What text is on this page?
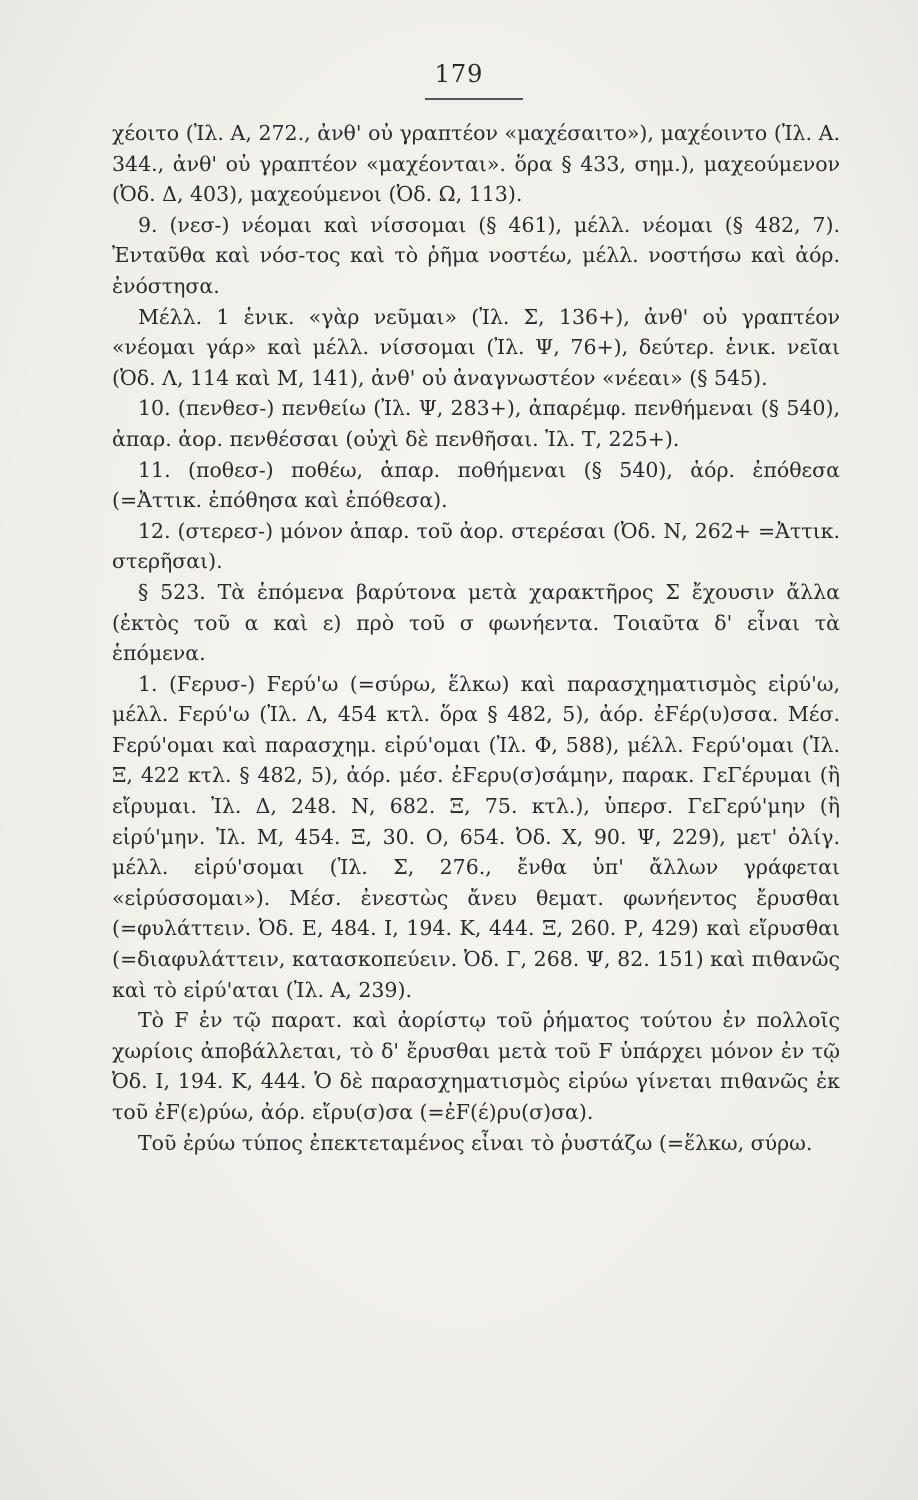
179

χέοιτο (Ἰλ. Α, 272., ἀνθ' οὐ γραπτέον «μαχέσαιτο»), μαχέοιντο (Ἰλ. Α. 344., ἀνθ' οὐ γραπτέον «μαχέονται». ὅρα § 433, σημ.), μαχεούμενον (Ὀδ. Δ, 403), μαχεούμενοι (Ὀδ. Ω, 113).

9. (νεσ-) νέομαι καὶ νίσσομαι (§ 461), μέλλ. νέομαι (§ 482, 7). Ἐνταῦθα καὶ νόσ-τος καὶ τὸ ῥῆμα νοστέω, μέλλ. νοστήσω καὶ ἀόρ. ἐνόστησα.

Μέλλ. 1 ἑνικ. «γὰρ νεῦμαι» (Ἰλ. Σ, 136+), ἀνθ' οὐ γραπτέον «νέομαι γάρ» καὶ μέλλ. νίσσομαι (Ἰλ. Ψ, 76+), δεύτερ. ἑνικ. νεῖαι (Ὀδ. Λ, 114 καὶ Μ, 141), ἀνθ' οὐ ἀναγνωστέον «νέεαι» (§ 545).

10. (πενθεσ-) πενθείω (Ἰλ. Ψ, 283+), ἀπαρέμφ. πενθήμεναι (§ 540), ἀπαρ. ἀορ. πενθέσσαι (οὐχὶ δὲ πενθῆσαι. Ἰλ. Τ, 225+).

11. (ποθεσ-) ποθέω, ἀπαρ. ποθήμεναι (§ 540), ἀόρ. ἐπόθεσα (=Ἀττικ. ἐπόθησα καὶ ἐπόθεσα).

12. (στερεσ-) μόνον ἀπαρ. τοῦ ἀορ. στερέσαι (Ὀδ. Ν, 262+ =Ἀττικ. στερῆσαι).

§ 523. Τὰ ἑπόμενα βαρύτονα μετὰ χαρακτῆρος Σ ἔχουσιν ἄλλα (ἐκτὸς τοῦ α καὶ ε) πρὸ τοῦ σ φωνήεντα. Τοιαῦτα δ' εἶναι τὰ ἑπόμενα.

1. (Ϝερυσ-) Ϝερύ'ω (=σύρω, ἕλκω) καὶ παρασχηματισμὸς εἰρύ'ω, μέλλ. Ϝερύ'ω (Ἰλ. Λ, 454 κτλ. ὅρα § 482, 5), ἀόρ. ἐϜέρ(υ)σσα. Μέσ. Ϝερύ'ομαι καὶ παρασχημ. εἰρύ'ομαι (Ἰλ. Φ, 588), μέλλ. Ϝερύ'ομαι (Ἰλ. Ξ, 422 κτλ. § 482, 5), ἀόρ. μέσ. ἐϜερυ(σ)σάμην, παρακ. ΓεΓέρυμαι (ἢ εἴρυμαι. Ἰλ. Δ, 248. Ν, 682. Ξ, 75. κτλ.), ὑπερσ. ΓεΓερύ'μην (ἢ εἰρύ'μην. Ἰλ. Μ, 454. Ξ, 30. Ο, 654. Ὀδ. Χ, 90. Ψ, 229), μετ' ὀλίγ. μέλλ. εἰρύ'σομαι (Ἰλ. Σ, 276., ἔνθα ὑπ' ἄλλων γράφεται «εἰρύσσομαι»). Μέσ. ἐνεστὼς ἄνευ θεματ. φωνήεντος ἔρυσθαι (=φυλάττειν. Ὀδ. Ε, 484. Ι, 194. Κ, 444. Ξ, 260. Ρ, 429) καὶ εἴρυσθαι (=διαφυλάττειν, κατασκοπεύειν. Ὀδ. Γ, 268. Ψ, 82. 151) καὶ πιθανῶς καὶ τὸ εἰρύ'αται (Ἰλ. Α, 239).

Τὸ F ἐν τῷ παρατ. καὶ ἀορίστῳ τοῦ ῥήματος τούτου ἐν πολλοῖς χωρίοις ἀποβάλλεται, τὸ δ' ἔρυσθαι μετὰ τοῦ F ὑπάρχει μόνον ἐν τῷ Ὀδ. Ι, 194. Κ, 444. Ὁ δὲ παρασχηματισμὸς εἰρύω γίνεται πιθανῶς ἐκ τοῦ ἐF(ε)ρύω, ἀόρ. εἴρυ(σ)σα (=ἐF(έ)ρυ(σ)σα).

Τοῦ ἐρύω τύπος ἐπεκτεταμένος εἶναι τὸ ῥυστάζω (=ἕλκω, σύρω.
